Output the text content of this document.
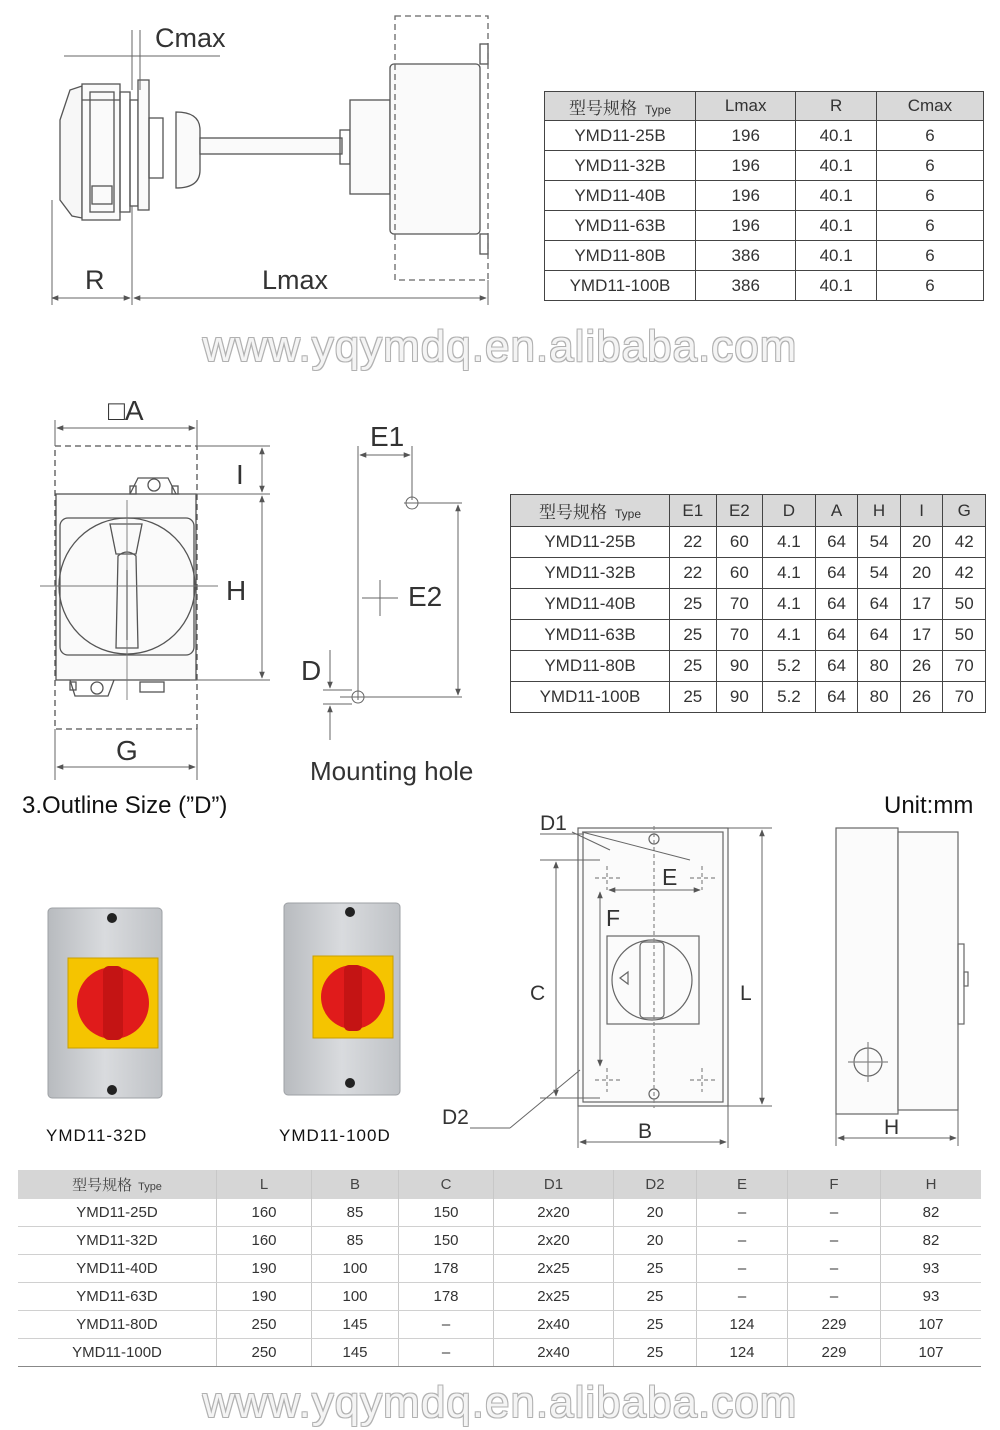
Cmax
R	Lmax
型号规格 Type	Lmax	R	Cmax
YMD11-25B	196	40.1	6
YMD11-32B	196	40.1	6
YMD11-40B	196	40.1	6
YMD11-63B	196	40.1	6
YMD11-80B	386	40.1	6
YMD11-100B	386	40.1	6
www.yqymdq.en.alibaba.com
□A
I
H
G
E1
E2
D
Mounting hole
型号规格 Type	E1	E2	D	A	H	I	G
YMD11-25B	22	60	4.1	64	54	20	42
YMD11-32B	22	60	4.1	64	54	20	42
YMD11-40B	25	70	4.1	64	64	17	50
YMD11-63B	25	70	4.1	64	64	17	50
YMD11-80B	25	90	5.2	64	80	26	70
YMD11-100B	25	90	5.2	64	80	26	70
3.Outline Size (”D”)	Unit:mm
YMD11-32D	YMD11-100D
D1
E
F
C	L
D2
B	H
型号规格 Type	L	B	C	D1	D2	E	F	H
YMD11-25D	160	85	150	2x20	20	–	–	82
YMD11-32D	160	85	150	2x20	20	–	–	82
YMD11-40D	190	100	178	2x25	25	–	–	93
YMD11-63D	190	100	178	2x25	25	–	–	93
YMD11-80D	250	145	–	2x40	25	124	229	107
YMD11-100D	250	145	–	2x40	25	124	229	107
www.yqymdq.en.alibaba.com
